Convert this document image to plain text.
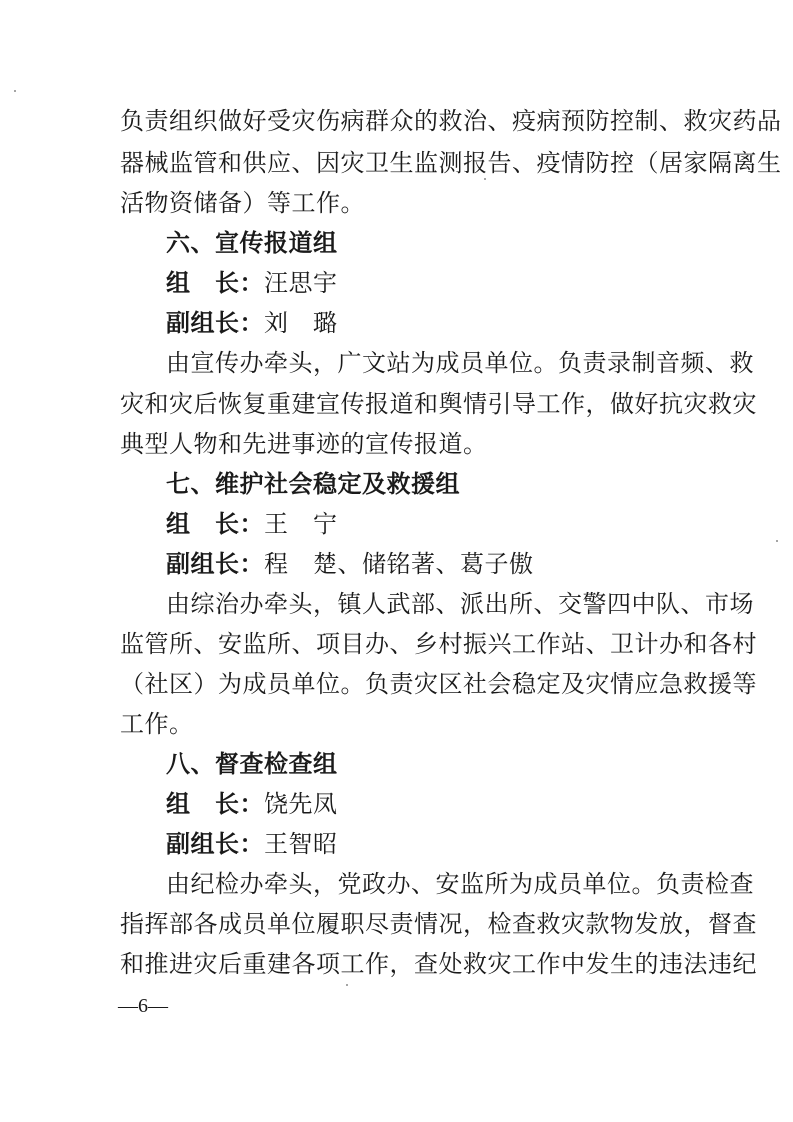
负责组织做好受灾伤病群众的救治、疫病预防控制、救灾药品
器械监管和供应、因灾卫生监测报告、疫情防控（居家隔离生
活物资储备）等工作。
六、宣传报道组
组　长：汪思宇
副组长：刘　璐
由宣传办牵头，广文站为成员单位。负责录制音频、救
灾和灾后恢复重建宣传报道和舆情引导工作，做好抗灾救灾
典型人物和先进事迹的宣传报道。
七、维护社会稳定及救援组
组　长：王　宁
副组长：程　楚、储铭著、葛子傲
由综治办牵头，镇人武部、派出所、交警四中队、市场
监管所、安监所、项目办、乡村振兴工作站、卫计办和各村
（社区）为成员单位。负责灾区社会稳定及灾情应急救援等
工作。
八、督查检查组
组　长：饶先凤
副组长：王智昭
由纪检办牵头，党政办、安监所为成员单位。负责检查
指挥部各成员单位履职尽责情况，检查救灾款物发放，督查
和推进灾后重建各项工作，查处救灾工作中发生的违法违纪
—6—
